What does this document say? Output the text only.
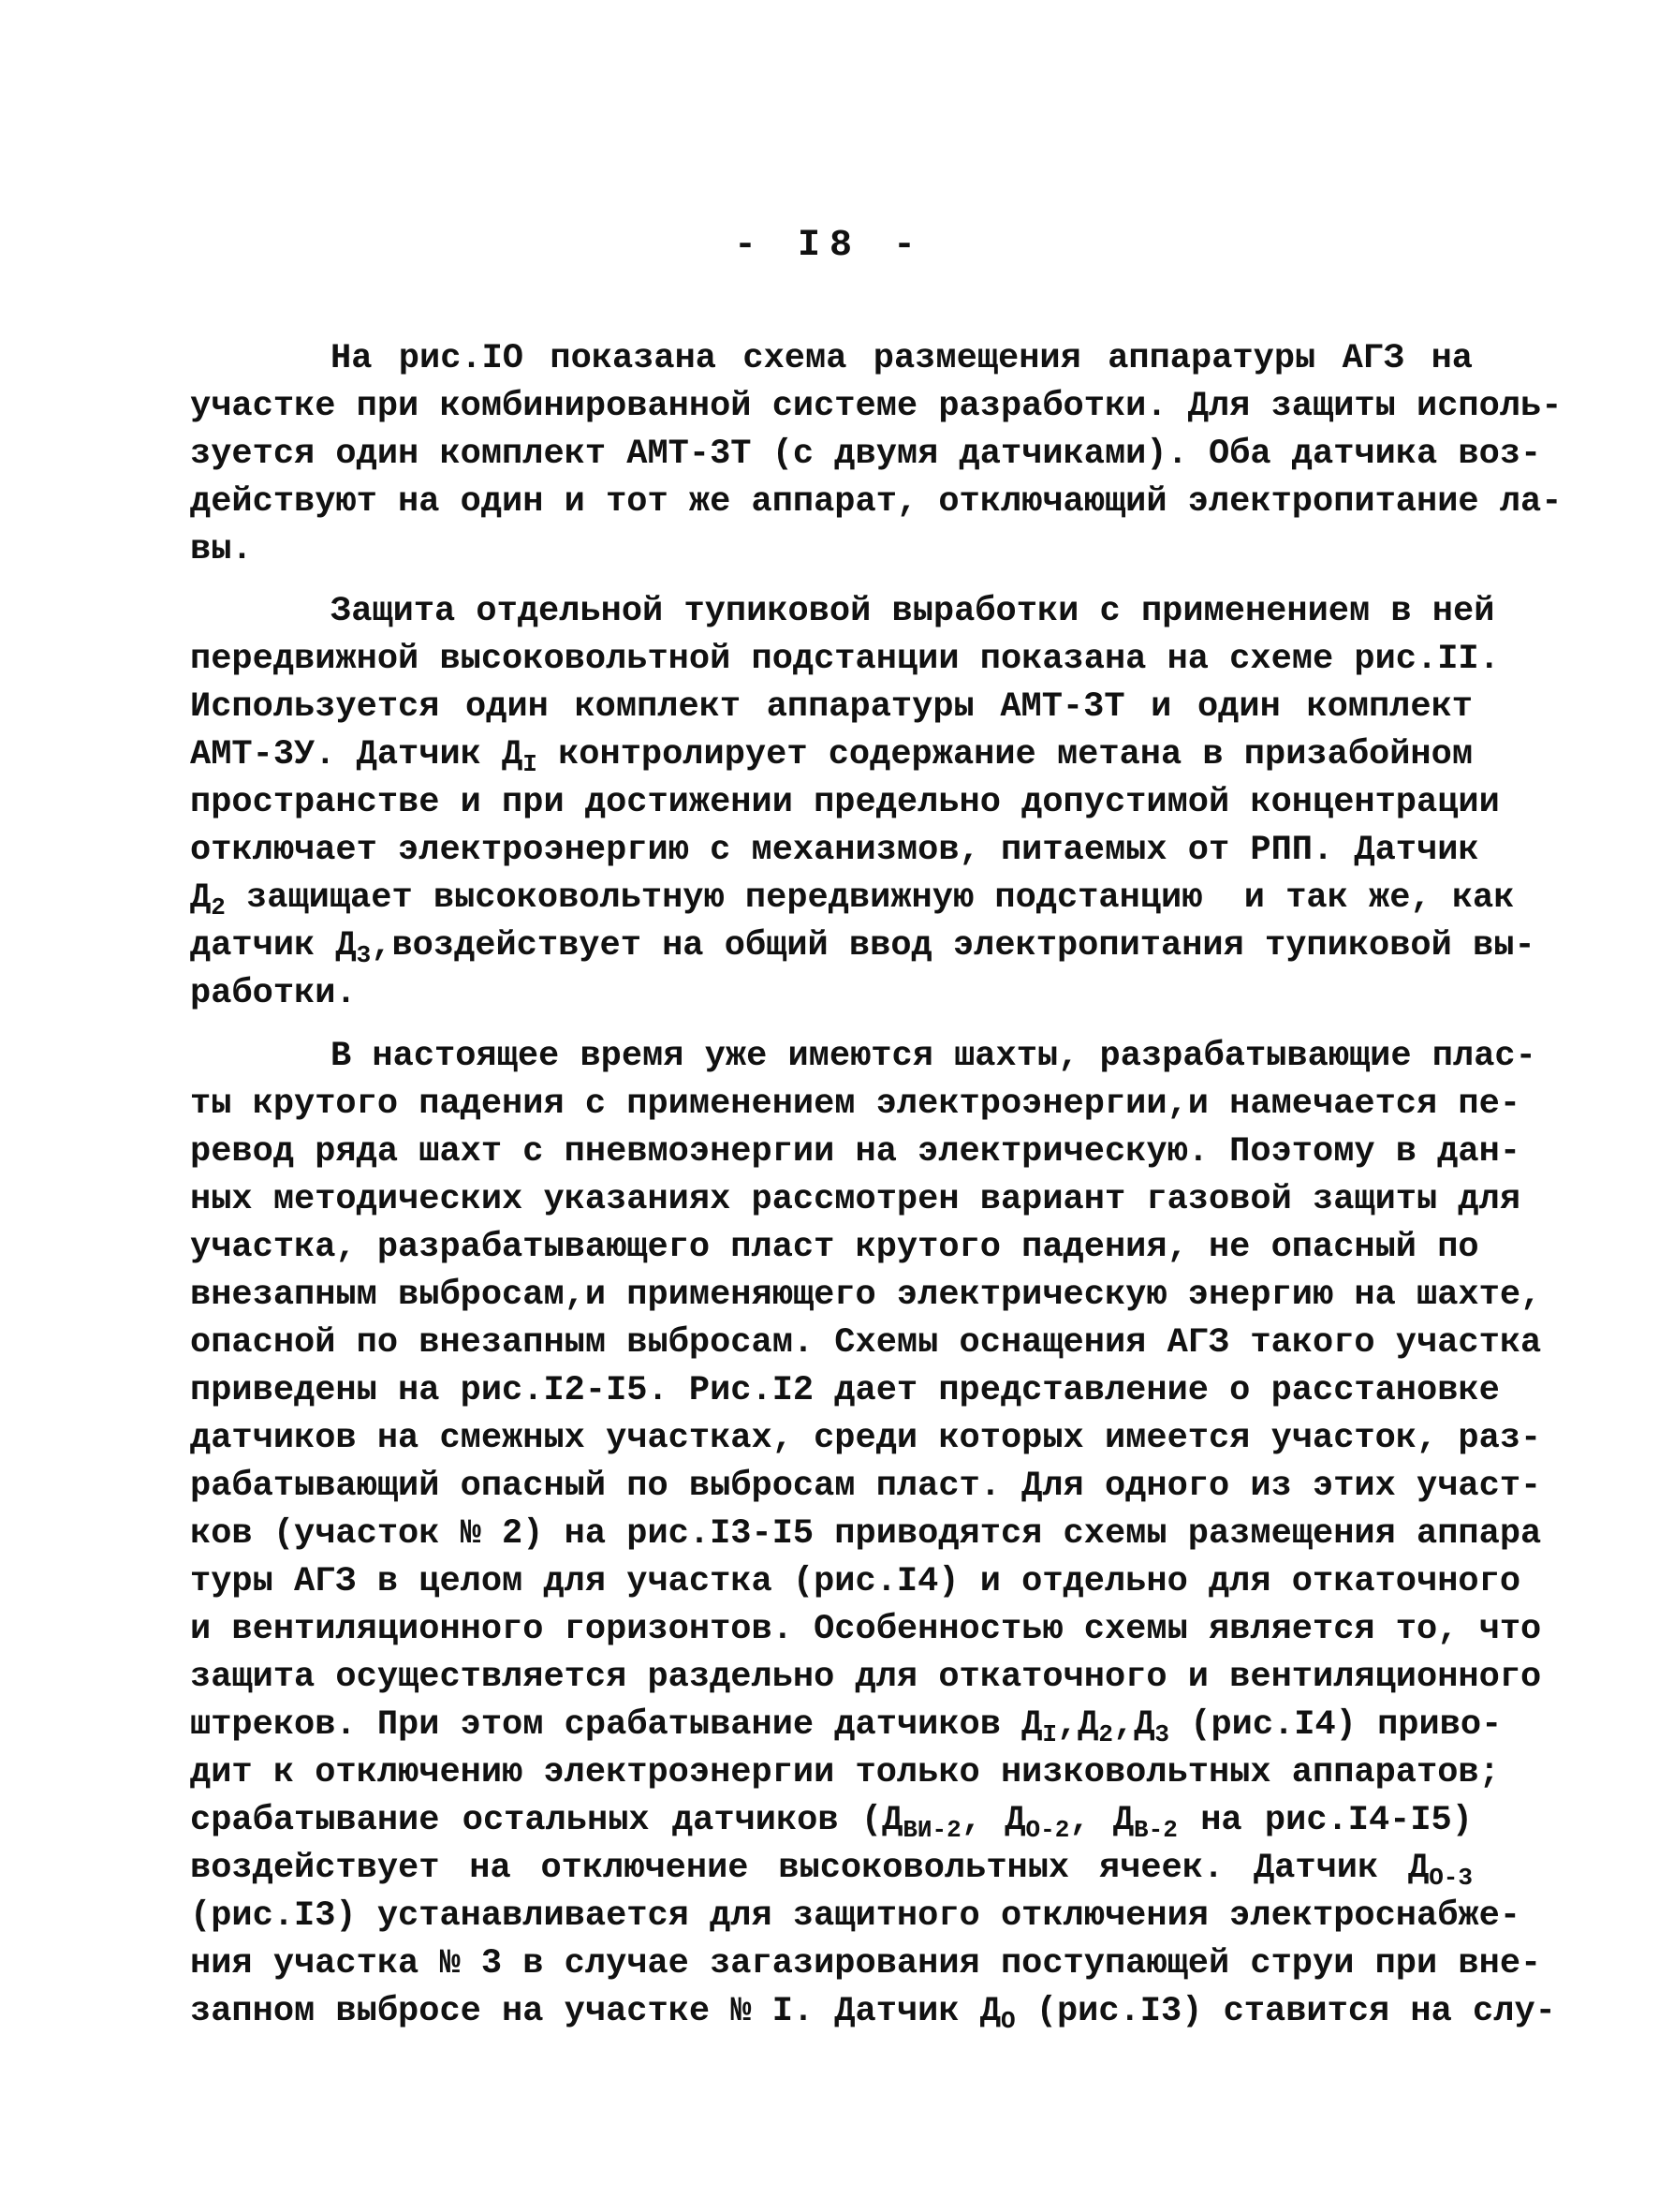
- I8 -
На рис.IO показана схема размещения аппаратуры АГЗ на
участке при комбинированной системе разработки. Для защиты исполь-
зуется один комплект АМТ-3Т (с двумя датчиками). Оба датчика воз-
действуют на один и тот же аппарат, отключающий электропитание ла-
вы.
Защита отдельной тупиковой выработки с применением в ней
передвижной высоковольтной подстанции показана на схеме рис.II.
Используется один комплект аппаратуры АМТ-3Т и один комплект
АМТ-3У. Датчик $Д_I$ контролирует содержание метана в призабойном
пространстве и при достижении предельно допустимой концентрации
отключает электроэнергию с механизмов, питаемых от РПП. Датчик
$Д_2$ защищает высоковольтную передвижную подстанцию  и так же, как
датчик $Д_3,воздействует$ на общий ввод электропитания тупиковой вы-
работки.
В настоящее время уже имеются шахты, разрабатывающие плас-
ты крутого падения с применением электроэнергии,и намечается пе-
ревод ряда шахт с пневмоэнергии на электрическую. Поэтому в дан-
ных методических указаниях рассмотрен вариант газовой защиты для
участка, разрабатывающего пласт крутого падения, не опасный по
внезапным выбросам,и применяющего электрическую энергию на шахте,
опасной по внезапным выбросам. Схемы оснащения АГЗ такого участка
приведены на рис.I2-I5. Рис.I2 дает представление о расстановке
датчиков на смежных участках, среди которых имеется участок, раз-
рабатывающий опасный по выбросам пласт. Для одного из этих участ-
ков (участок № 2) на рис.I3-I5 приводятся схемы размещения аппара
туры АГЗ в целом для участка (рис.I4) и отдельно для откаточного
и вентиляционного горизонтов. Особенностью схемы является то, что
защита осуществляется раздельно для откаточного и вентиляционного
штреков. При этом срабатывание датчиков $Д_I,Д_2,Д_3$ (рис.I4) приво-
дит к отключению электроэнергии только низковольтных аппаратов;
срабатывание остальных датчиков ($Д_{ВИ-2}$, $Д_{О-2}$, $Д_{В-2}$ на рис.I4-I5)
воздействует на отключение высоковольтных ячеек. Датчик $Д_{О-3}$
(рис.I3) устанавливается для защитного отключения электроснабже-
ния участка № 3 в случае загазирования поступающей струи при вне-
запном выбросе на участке № I. Датчик $Д_О$ (рис.I3) ставится на слу-
